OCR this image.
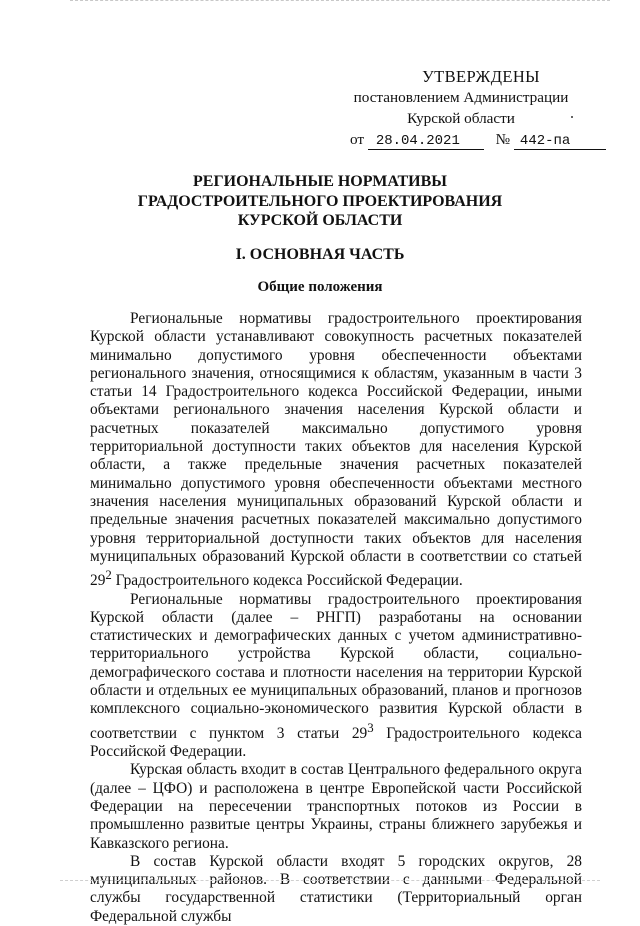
УТВЕРЖДЕНЫ
постановлением Администрации
Курской области
от 28.04.2021 № 442-па
РЕГИОНАЛЬНЫЕ НОРМАТИВЫ
ГРАДОСТРОИТЕЛЬНОГО ПРОЕКТИРОВАНИЯ
КУРСКОЙ ОБЛАСТИ
I. ОСНОВНАЯ ЧАСТЬ
Общие положения

Региональные нормативы градостроительного проектирования Курской области устанавливают совокупность расчетных показателей минимально допустимого уровня обеспеченности объектами регионального значения, относящимися к областям, указанным в части 3 статьи 14 Градостроительного кодекса Российской Федерации, иными объектами регионального значения населения Курской области и расчетных показателей максимально допустимого уровня территориальной доступности таких объектов для населения Курской области, а также предельные значения расчетных показателей минимально допустимого уровня обеспеченности объектами местного значения населения муниципальных образований Курской области и предельные значения расчетных показателей максимально допустимого уровня территориальной доступности таких объектов для населения муниципальных образований Курской области в соответствии со статьей $29^2$ Градостроительного кодекса Российской Федерации.

Региональные нормативы градостроительного проектирования Курской области (далее – РНГП) разработаны на основании статистических и демографических данных с учетом административно-территориального устройства Курской области, социально-демографического состава и плотности населения на территории Курской области и отдельных ее муниципальных образований, планов и прогнозов комплексного социально-экономического развития Курской области в соответствии с пунктом 3 статьи $29^3$ Градостроительного кодекса Российской Федерации.

Курская область входит в состав Центрального федерального округа (далее – ЦФО) и расположена в центре Европейской части Российской Федерации на пересечении транспортных потоков из России в промышленно развитые центры Украины, страны ближнего зарубежья и Кавказского региона.

В состав Курской области входят 5 городских округов, 28 муниципальных районов. В соответствии с данными Федеральной службы государственной статистики (Территориальный орган Федеральной службы
